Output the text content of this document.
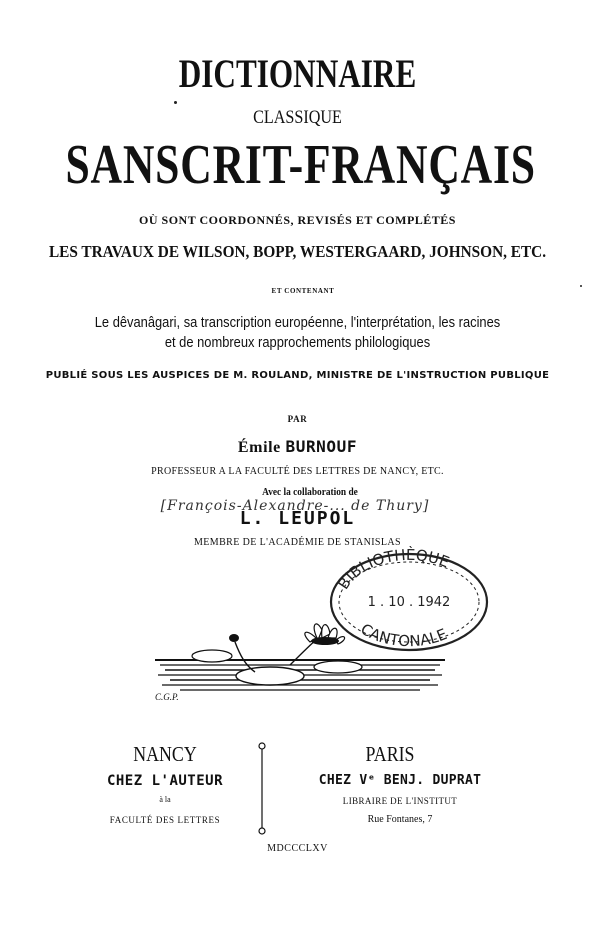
DICTIONNAIRE
CLASSIQUE
SANSCRIT-FRANÇAIS
OÙ SONT COORDONNÉS, REVISÉS ET COMPLÉTÉS
LES TRAVAUX DE WILSON, BOPP, WESTERGAARD, JOHNSON, ETC.
ET CONTENANT
Le dêvanâgari, sa transcription européenne, l'interprétation, les racines
et de nombreux rapprochements philologiques
PUBLIÉ SOUS LES AUSPICES DE M. ROULAND, MINISTRE DE L'INSTRUCTION PUBLIQUE
PAR
Émile BURNOUF
PROFESSEUR A LA FACULTÉ DES LETTRES DE NANCY, ETC.
Avec la collaboration de
[François-Alexandre-... de Thury]
L. LEUPOL
MEMBRE DE L'ACADÉMIE DE STANISLAS
BIBLIOTHÈQUE
CANTONALE
1 . 10 . 1942
C.G.P.
NANCY	PARIS
CHEZ L'AUTEUR	CHEZ Vᵉ BENJ. DUPRAT
à la	LIBRAIRE DE L'INSTITUT
FACULTÉ DES LETTRES	Rue Fontanes, 7
MDCCCLXV
